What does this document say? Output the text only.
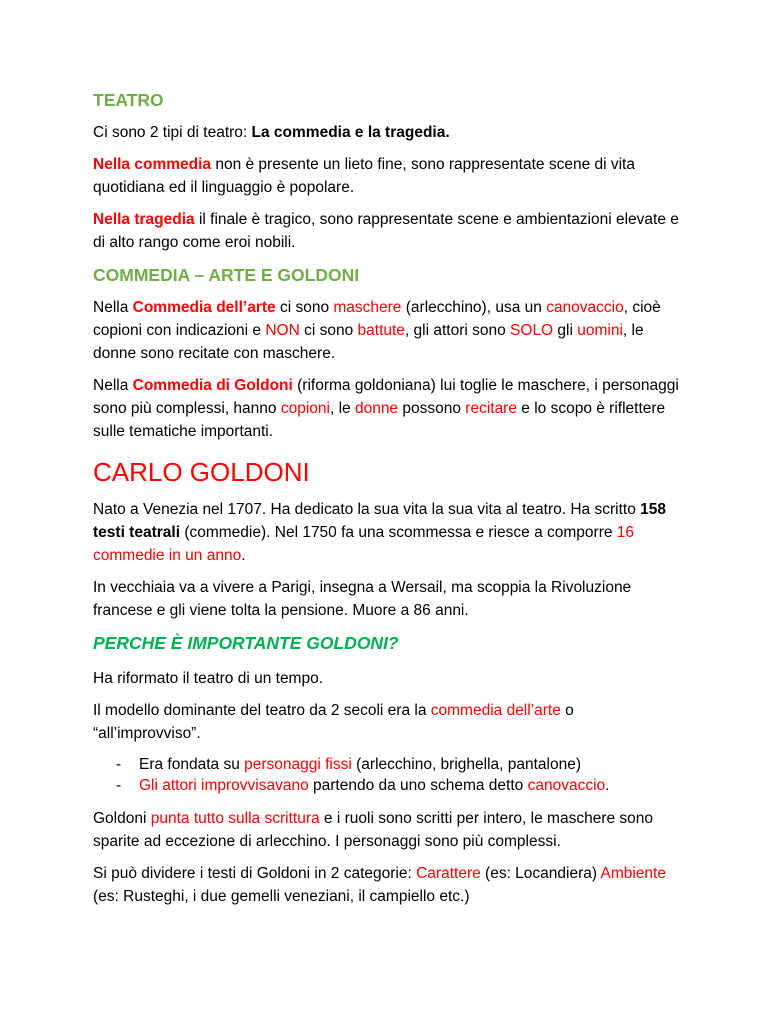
TEATRO

Ci sono 2 tipi di teatro: La commedia e la tragedia.

Nella commedia non è presente un lieto fine, sono rappresentate scene di vita quotidiana ed il linguaggio è popolare.

Nella tragedia il finale è tragico, sono rappresentate scene e ambientazioni elevate e di alto rango come eroi nobili.

COMMEDIA – ARTE E GOLDONI

Nella Commedia dell’arte ci sono maschere (arlecchino), usa un canovaccio, cioè copioni con indicazioni e NON ci sono battute, gli attori sono SOLO gli uomini, le donne sono recitate con maschere.

Nella Commedia di Goldoni (riforma goldoniana) lui toglie le maschere, i personaggi sono più complessi, hanno copioni, le donne possono recitare e lo scopo è riflettere sulle tematiche importanti.

CARLO GOLDONI

Nato a Venezia nel 1707. Ha dedicato la sua vita la sua vita al teatro. Ha scritto 158 testi teatrali (commedie). Nel 1750 fa una scommessa e riesce a comporre 16 commedie in un anno.

In vecchiaia va a vivere a Parigi, insegna a Wersail, ma scoppia la Rivoluzione francese e gli viene tolta la pensione. Muore a 86 anni.

PERCHE È IMPORTANTE GOLDONI?

Ha riformato il teatro di un tempo.

Il modello dominante del teatro da 2 secoli era la commedia dell’arte o “all’improvviso”.

- Era fondata su personaggi fissi (arlecchino, brighella, pantalone)
- Gli attori improvvisavano partendo da uno schema detto canovaccio.

Goldoni punta tutto sulla scrittura e i ruoli sono scritti per intero, le maschere sono sparite ad eccezione di arlecchino. I personaggi sono più complessi.

Si può dividere i testi di Goldoni in 2 categorie: Carattere (es: Locandiera) Ambiente (es: Rusteghi, i due gemelli veneziani, il campiello etc.)
